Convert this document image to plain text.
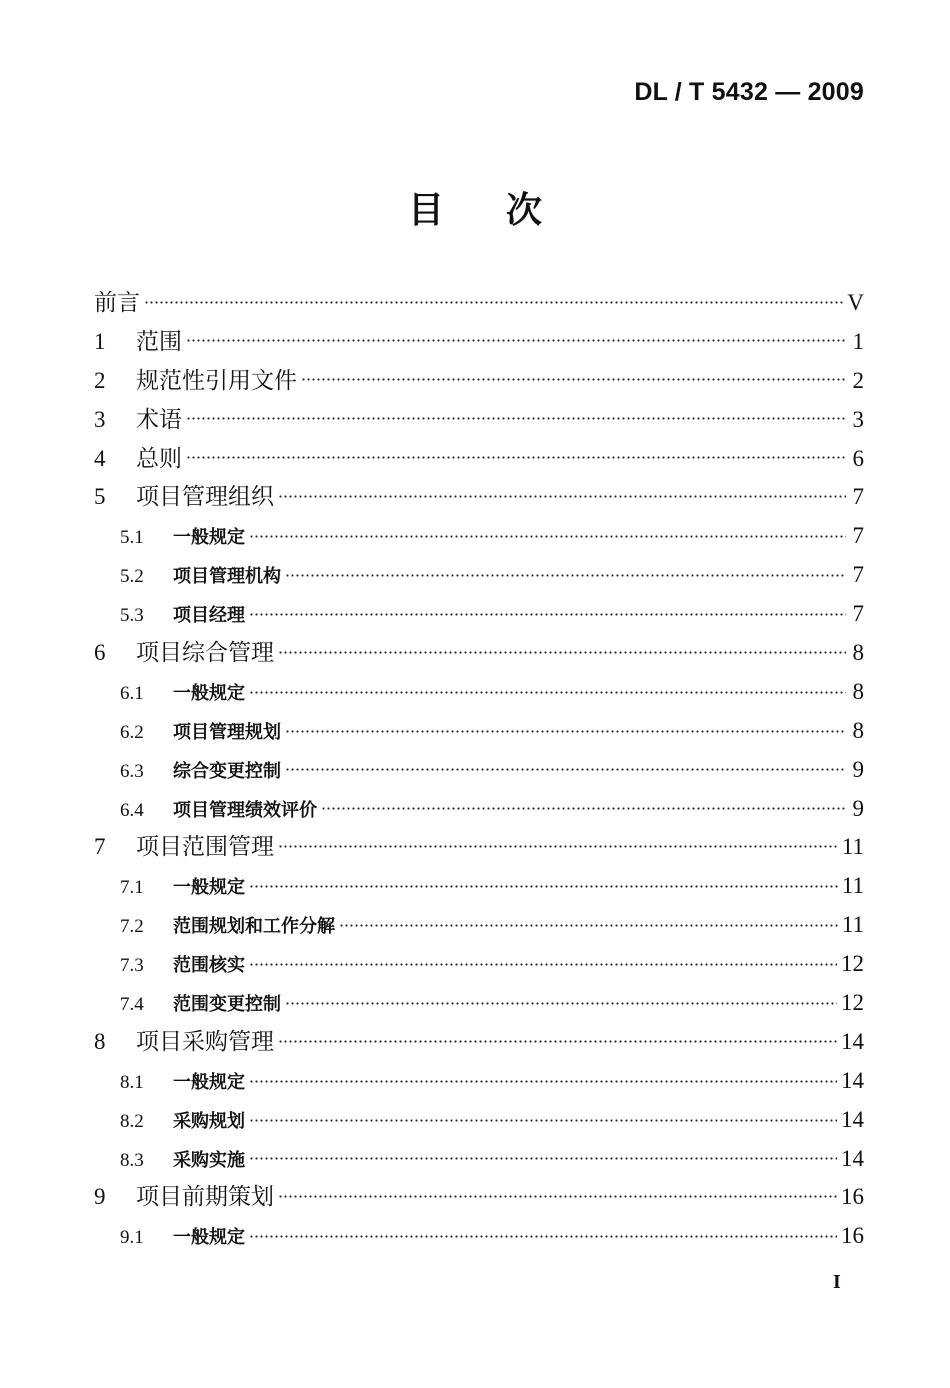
DL / T 5432 — 2009
目 次
前言	V
1	范围	1
2	规范性引用文件	2
3	术语	3
4	总则	6
5	项目管理组织	7
5.1	一般规定	7
5.2	项目管理机构	7
5.3	项目经理	7
6	项目综合管理	8
6.1	一般规定	8
6.2	项目管理规划	8
6.3	综合变更控制	9
6.4	项目管理绩效评价	9
7	项目范围管理	11
7.1	一般规定	11
7.2	范围规划和工作分解	11
7.3	范围核实	12
7.4	范围变更控制	12
8	项目采购管理	14
8.1	一般规定	14
8.2	采购规划	14
8.3	采购实施	14
9	项目前期策划	16
9.1	一般规定	16
I
